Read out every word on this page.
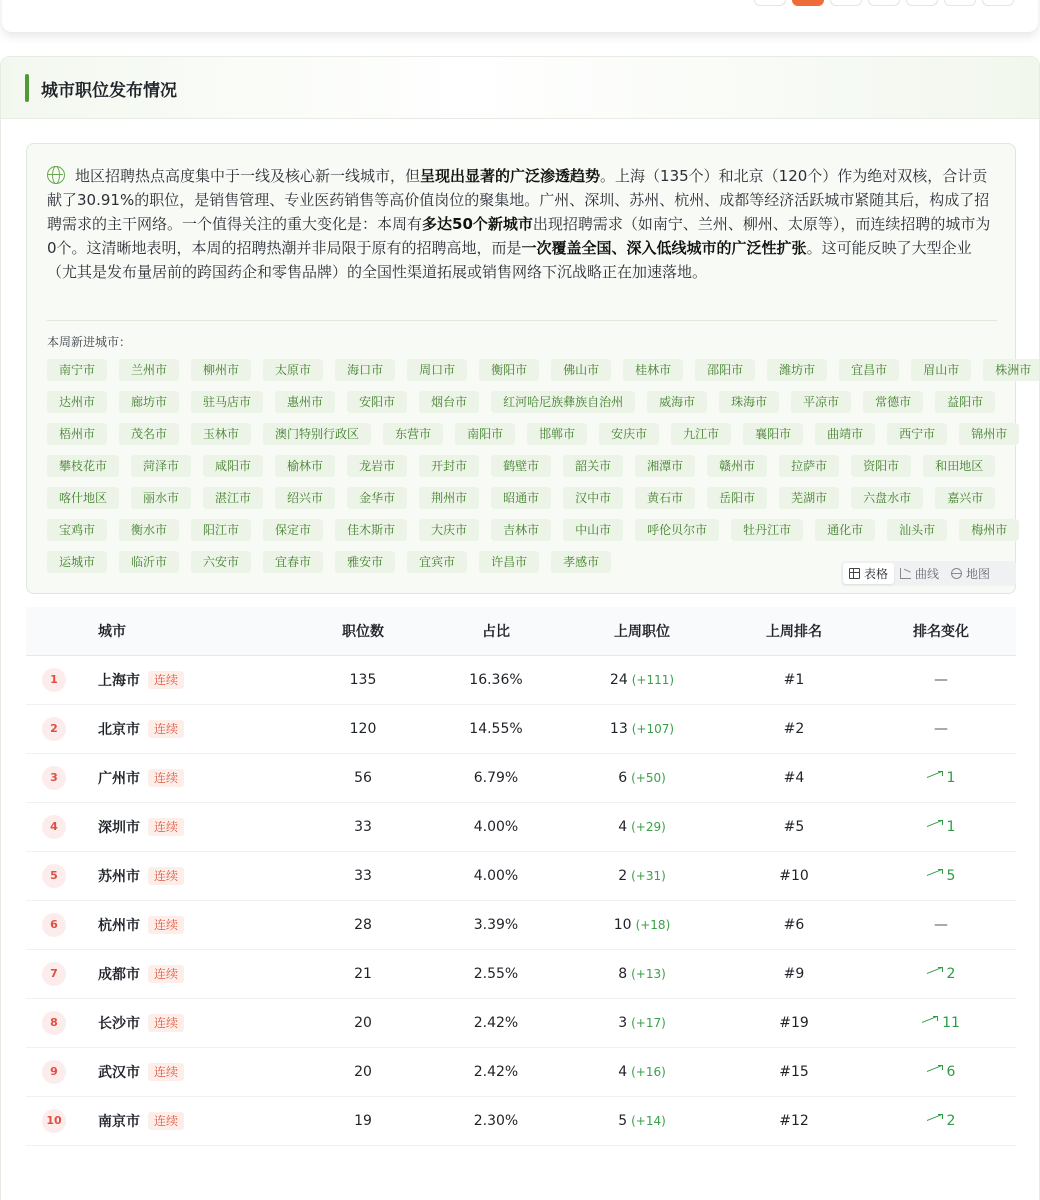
城市职位发布情况
地区招聘热点高度集中于一线及核心新一线城市，但呈现出显著的广泛渗透趋势。上海（135个）和北京（120个）作为绝对双核，合计贡献了30.91%的职位，是销售管理、专业医药销售等高价值岗位的聚集地。广州、深圳、苏州、杭州、成都等经济活跃城市紧随其后，构成了招聘需求的主干网络。一个值得关注的重大变化是：本周有多达50个新城市出现招聘需求（如南宁、兰州、柳州、太原等），而连续招聘的城市为0个。这清晰地表明，本周的招聘热潮并非局限于原有的招聘高地，而是一次覆盖全国、深入低线城市的广泛性扩张。这可能反映了大型企业（尤其是发布量居前的跨国药企和零售品牌）的全国性渠道拓展或销售网络下沉战略正在加速落地。
本周新进城市：
南宁市	兰州市	柳州市	太原市	海口市	周口市	衡阳市	佛山市	桂林市	邵阳市	潍坊市	宜昌市	眉山市	株洲市
达州市	廊坊市	驻马店市	惠州市	安阳市	烟台市	红河哈尼族彝族自治州	威海市	珠海市	平凉市	常德市	益阳市
梧州市	茂名市	玉林市	澳门特别行政区	东营市	南阳市	邯郸市	安庆市	九江市	襄阳市	曲靖市	西宁市	锦州市
攀枝花市	菏泽市	咸阳市	榆林市	龙岩市	开封市	鹤壁市	韶关市	湘潭市	赣州市	拉萨市	资阳市	和田地区
喀什地区	丽水市	湛江市	绍兴市	金华市	荆州市	昭通市	汉中市	黄石市	岳阳市	芜湖市	六盘水市	嘉兴市
宝鸡市	衡水市	阳江市	保定市	佳木斯市	大庆市	吉林市	中山市	呼伦贝尔市	牡丹江市	通化市	汕头市	梅州市
运城市	临沂市	六安市	宜春市	雅安市	宜宾市	许昌市	孝感市
表格 曲线 地图
	城市	职位数	占比	上周职位	上周排名	排名变化
1	上海市 连续	135	16.36%	24 (+111)	#1	—
2	北京市 连续	120	14.55%	13 (+107)	#2	—
3	广州市 连续	56	6.79%	6 (+50)	#4	1
4	深圳市 连续	33	4.00%	4 (+29)	#5	1
5	苏州市 连续	33	4.00%	2 (+31)	#10	5
6	杭州市 连续	28	3.39%	10 (+18)	#6	—
7	成都市 连续	21	2.55%	8 (+13)	#9	2
8	长沙市 连续	20	2.42%	3 (+17)	#19	11
9	武汉市 连续	20	2.42%	4 (+16)	#15	6
10	南京市 连续	19	2.30%	5 (+14)	#12	2
